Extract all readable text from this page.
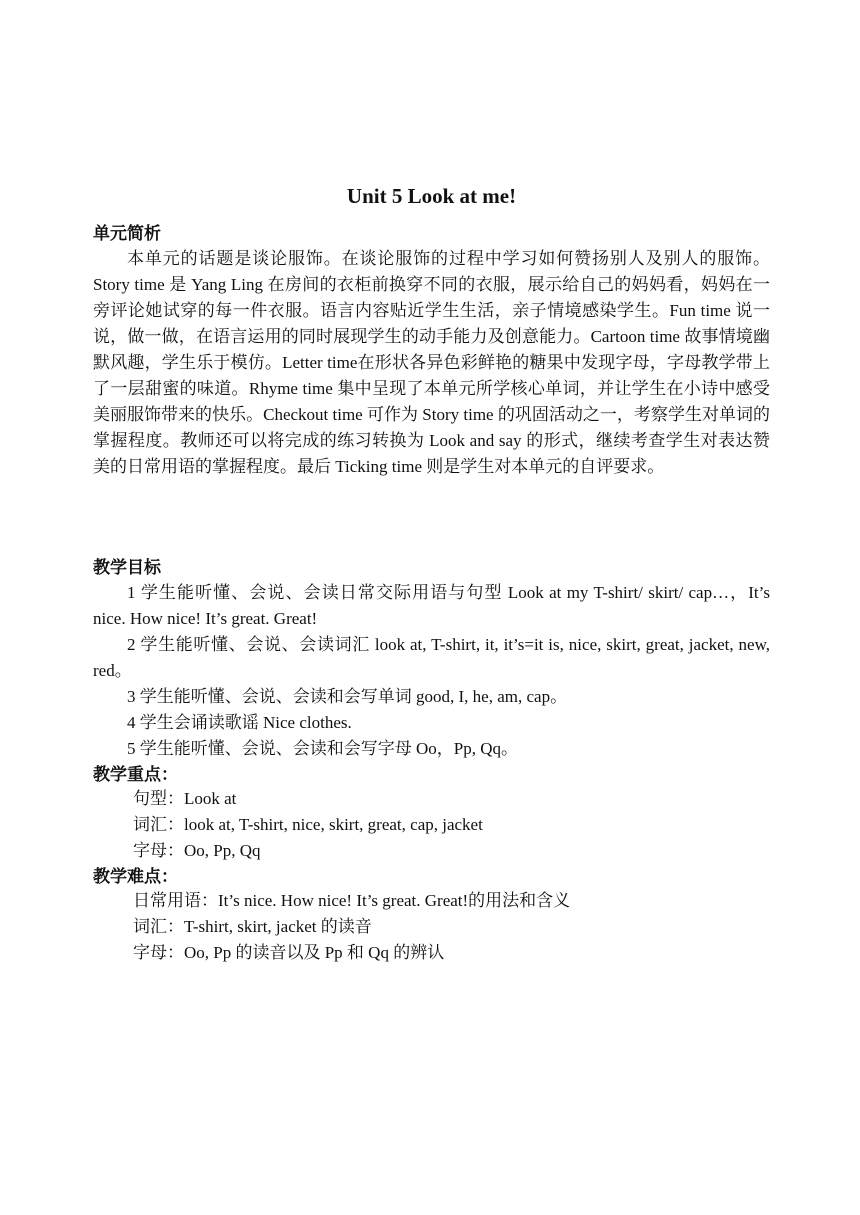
Unit 5 Look at me!
单元简析
本单元的话题是谈论服饰。在谈论服饰的过程中学习如何赞扬别人及别人的服饰。Story time 是 Yang Ling 在房间的衣柜前换穿不同的衣服，展示给自己的妈妈看，妈妈在一旁评论她试穿的每一件衣服。语言内容贴近学生生活，亲子情境感染学生。Fun time 说一说，做一做，在语言运用的同时展现学生的动手能力及创意能力。Cartoon time 故事情境幽默风趣，学生乐于模仿。Letter time在形状各异色彩鲜艳的糖果中发现字母，字母教学带上了一层甜蜜的味道。Rhyme time 集中呈现了本单元所学核心单词，并让学生在小诗中感受美丽服饰带来的快乐。Checkout time 可作为 Story time 的巩固活动之一，考察学生对单词的掌握程度。教师还可以将完成的练习转换为 Look and say 的形式，继续考查学生对表达赞美的日常用语的掌握程度。最后 Ticking time 则是学生对本单元的自评要求。
教学目标
1 学生能听懂、会说、会读日常交际用语与句型 Look at my T-shirt/ skirt/ cap…，It’s nice. How nice! It’s great. Great!
2 学生能听懂、会说、会读词汇 look at, T-shirt, it, it’s=it is, nice, skirt, great, jacket, new, red。
3 学生能听懂、会说、会读和会写单词 good, I, he, am, cap。
4 学生会诵读歌谣 Nice clothes.
5 学生能听懂、会说、会读和会写字母 Oo，Pp, Qq。
教学重点：
句型：Look at
词汇：look at, T-shirt, nice, skirt, great, cap, jacket
字母：Oo, Pp, Qq
教学难点：
日常用语：It’s nice. How nice! It’s great. Great!的用法和含义
词汇：T-shirt, skirt, jacket 的读音
字母：Oo, Pp 的读音以及 Pp 和 Qq 的辨认
